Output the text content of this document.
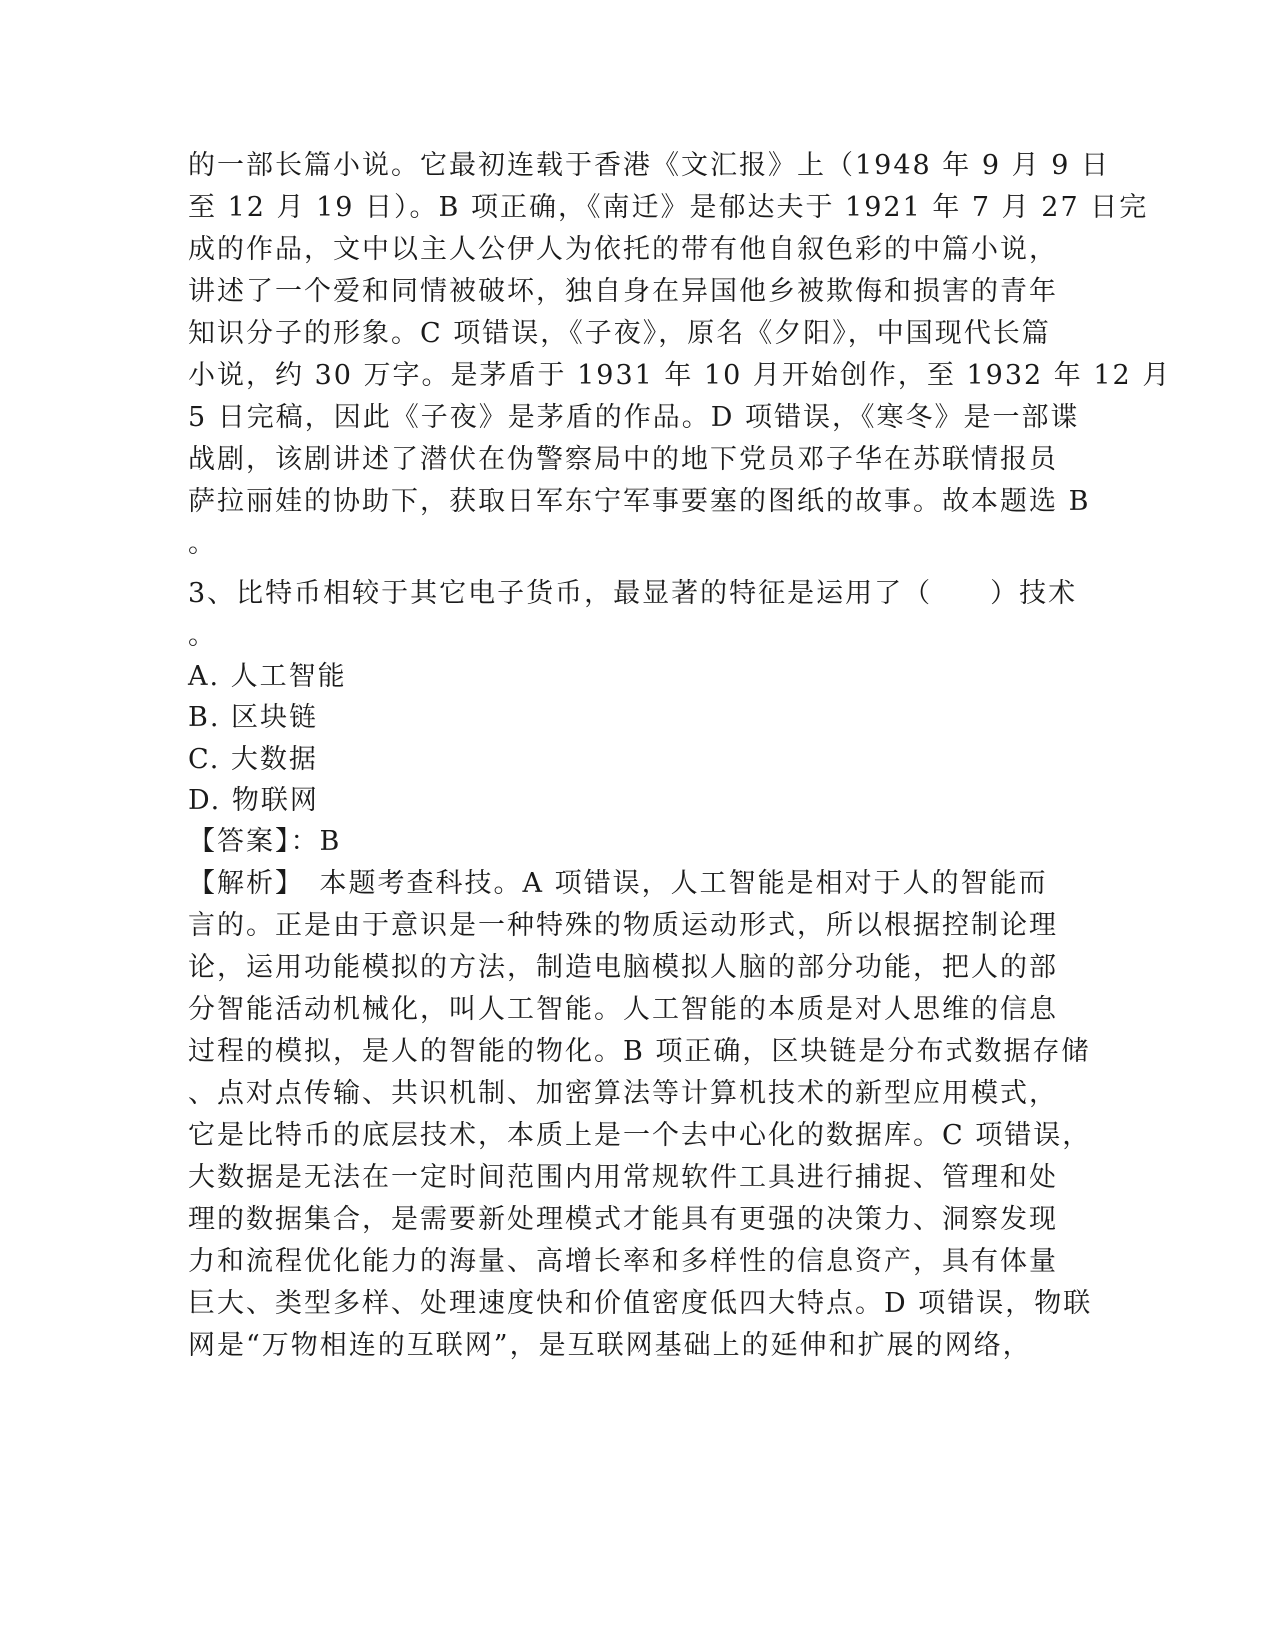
的一部长篇小说。它最初连载于香港《文汇报》上（1948 年 9 月 9 日
至 12 月 19 日）。B 项正确，《南迁》是郁达夫于 1921 年 7 月 27 日完
成的作品，文中以主人公伊人为依托的带有他自叙色彩的中篇小说，
讲述了一个爱和同情被破坏，独自身在异国他乡被欺侮和损害的青年
知识分子的形象。C 项错误，《子夜》，原名《夕阳》，中国现代长篇
小说，约 30 万字。是茅盾于 1931 年 10 月开始创作，至 1932 年 12 月
5 日完稿，因此《子夜》是茅盾的作品。D 项错误，《寒冬》是一部谍
战剧，该剧讲述了潜伏在伪警察局中的地下党员邓子华在苏联情报员
萨拉丽娃的协助下，获取日军东宁军事要塞的图纸的故事。故本题选 B
。
3、比特币相较于其它电子货币，最显著的特征是运用了（　　）技术
。
A. 人工智能
B. 区块链
C. 大数据
D. 物联网
【答案】：B
【解析】　本题考查科技。A 项错误，人工智能是相对于人的智能而
言的。正是由于意识是一种特殊的物质运动形式，所以根据控制论理
论，运用功能模拟的方法，制造电脑模拟人脑的部分功能，把人的部
分智能活动机械化，叫人工智能。人工智能的本质是对人思维的信息
过程的模拟，是人的智能的物化。B 项正确，区块链是分布式数据存储
、点对点传输、共识机制、加密算法等计算机技术的新型应用模式，
它是比特币的底层技术，本质上是一个去中心化的数据库。C 项错误，
大数据是无法在一定时间范围内用常规软件工具进行捕捉、管理和处
理的数据集合，是需要新处理模式才能具有更强的决策力、洞察发现
力和流程优化能力的海量、高增长率和多样性的信息资产，具有体量
巨大、类型多样、处理速度快和价值密度低四大特点。D 项错误，物联
网是“万物相连的互联网”，是互联网基础上的延伸和扩展的网络，
